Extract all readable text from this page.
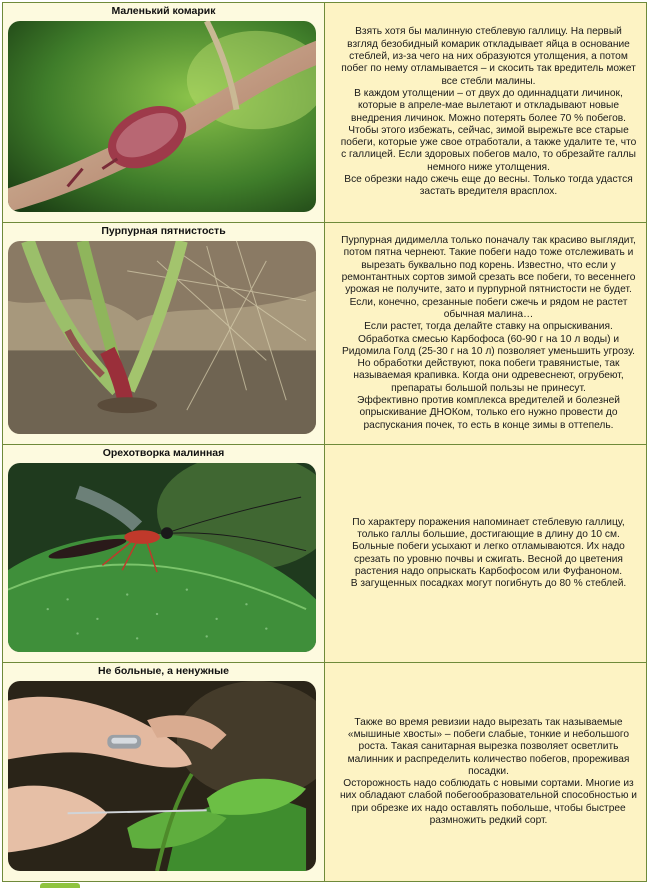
Маленький комарик

Взять хотя бы малинную стеблевую галлицу. На первый взгляд безобидный комарик откладывает яйца в основание стеблей, из-за чего на них образуются утолщения, а потом побег по нему отламывается – и скосить так вредитель может все стебли малины.

В каждом утолщении – от двух до одиннадцати личинок, которые в апреле-мае вылетают и откладывают новые внедрения личинок. Можно потерять более 70 % побегов. Чтобы этого избежать, сейчас, зимой вырежьте все старые побеги, которые уже свое отработали, а также удалите те, что с галлицей. Если здоровых побегов мало, то обрезайте галлы немного ниже утолщения.

Все обрезки надо сжечь еще до весны. Только тогда удастся застать вредителя врасплох.

Пурпурная пятнистость

Пурпурная дидимелла только поначалу так красиво выглядит, потом пятна чернеют. Такие побеги надо тоже отслеживать и вырезать буквально под корень. Известно, что если у ремонтантных сортов зимой срезать все побеги, то весеннего урожая не получите, зато и пурпурной пятнистости не будет. Если, конечно, срезанные побеги сжечь и рядом не растет обычная малина…

Если растет, тогда делайте ставку на опрыскивания. Обработка смесью Карбофоса (60-90 г на 10 л воды) и Ридомила Голд (25-30 г на 10 л) позволяет уменьшить угрозу. Но обработки действуют, пока побеги травянистые, так называемая крапивка. Когда они одревеснеют, огрубеют, препараты большой пользы не принесут.

Эффективно против комплекса вредителей и болезней опрыскивание ДНОКом, только его нужно провести до распускания почек, то есть в конце зимы в оттепель.

Орехотворка малинная

По характеру поражения напоминает стеблевую галлицу, только галлы большие, достигающие в длину до 10 см. Больные побеги усыхают и легко отламываются. Их надо срезать по уровню почвы и сжигать. Весной до цветения растения надо опрыскать Карбофосом или Фуфаноном.

В загущенных посадках могут погибнуть до 80 % стеблей.

Не больные, а ненужные

Также во время ревизии надо вырезать так называемые «мышиные хвосты» – побеги слабые, тонкие и небольшого роста. Такая санитарная вырезка позволяет осветлить малинник и распределить количество побегов, прореживая посадки.

Осторожность надо соблюдать с новыми сортами. Многие из них обладают слабой побегообразовательной способностью и при обрезке их надо оставлять побольше, чтобы быстрее размножить редкий сорт.
